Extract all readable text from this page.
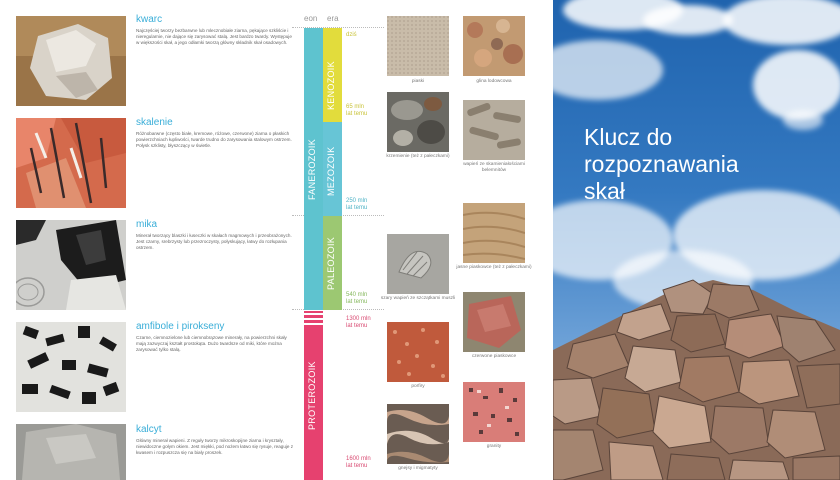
kwarc
Najczęściej tworzy bezbarwne lub mlecznobiałe ziarna, pękające szkliście i nieregularnie, nie dające się zarysować stalą. Jest bardzo twardy. Występuje w większości skał, a jego odłamki tworzą główny składnik skał osadowych.
skalenie
Różnobarwne (często białe, kremowe, różowe, czerwone) ziarna o płaskich powierzchniach łupliwości, twarde trudno do zarysowania stalowym ostrzem. Połysk szklisty, błyszczący w świetle.
mika
Minerał tworzący blaszki i łuseczki w skałach magmowych i przeobrażonych. Jest czarny, srebrzysty lub przezroczysty, połyskujący, łatwy do rozłupania ostrzem.
amfibole i pirokseny
Czarne, ciemnozielone lub ciemnobrązowe minerały, na powierzchni skały mają zazwyczaj kształt prostokąta. Dużo twardsze od miki, które można zarysować tylko stalą.
kalcyt
Główny minerał wapieni. Z reguły tworzy mikroskopijne ziarna i kryształy, niewidoczne gołym okiem. Jest miękki, pod nożem łatwo się rysuje, reaguje z kwasem i rozpuszcza się na biały proszek.
eon era
FANEROZOIK
PROTEROZOIK
KENOZOIK
MEZOZOIK
PALEOZOIK
dziś
65 mln
lat temu
250 mln
lat temu
540 mln
lat temu
1300 mln
lat temu
1600 mln
lat temu
piaski	glina lodowcowa
krzemienie (też z pałeczkami)
wapień ze skamieniałościami belemnitów
jasne piaskowce (też z pałeczkami)
szary wapień ze szczątkami muszli
czerwone piaskowce
porfiry
granity
gnejsy i migmatyty
Klucz do
rozpoznawania
skał
